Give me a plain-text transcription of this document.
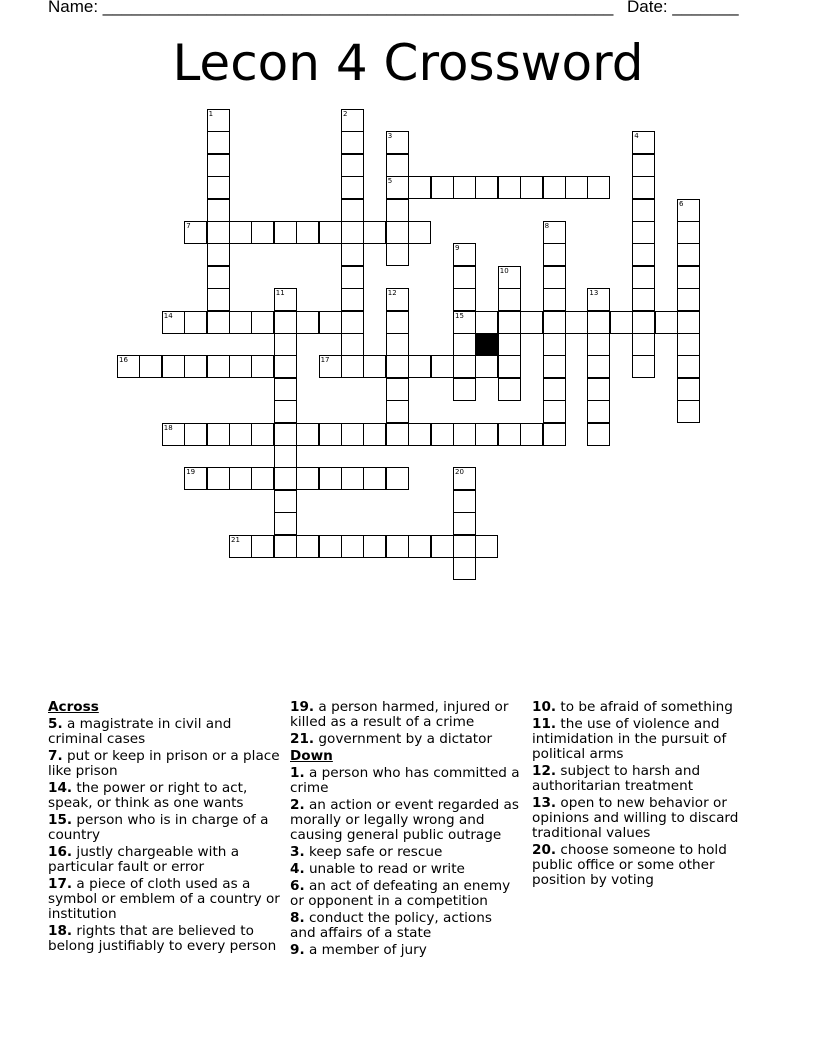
Name: ______________________________________________________ Date: _______
Lecon 4 Crossword
1	2
3
5
4
6
7	8
9
15
10
11	12	13
14
16	17
18
19	20
21
Across
5. a magistrate in civil and criminal cases
7. put or keep in prison or a place like prison
14. the power or right to act, speak, or think as one wants
15. person who is in charge of a country
16. justly chargeable with a particular fault or error
17. a piece of cloth used as a symbol or emblem of a country or institution
18. rights that are believed to belong justifiably to every person
19. a person harmed, injured or killed as a result of a crime
21. government by a dictator
Down
1. a person who has committed a crime
2. an action or event regarded as morally or legally wrong and causing general public outrage
3. keep safe or rescue
4. unable to read or write
6. an act of defeating an enemy or opponent in a competition
8. conduct the policy, actions and affairs of a state
9. a member of jury
10. to be afraid of something
11. the use of violence and intimidation in the pursuit of political arms
12. subject to harsh and authoritarian treatment
13. open to new behavior or opinions and willing to discard traditional values
20. choose someone to hold public office or some other position by voting
